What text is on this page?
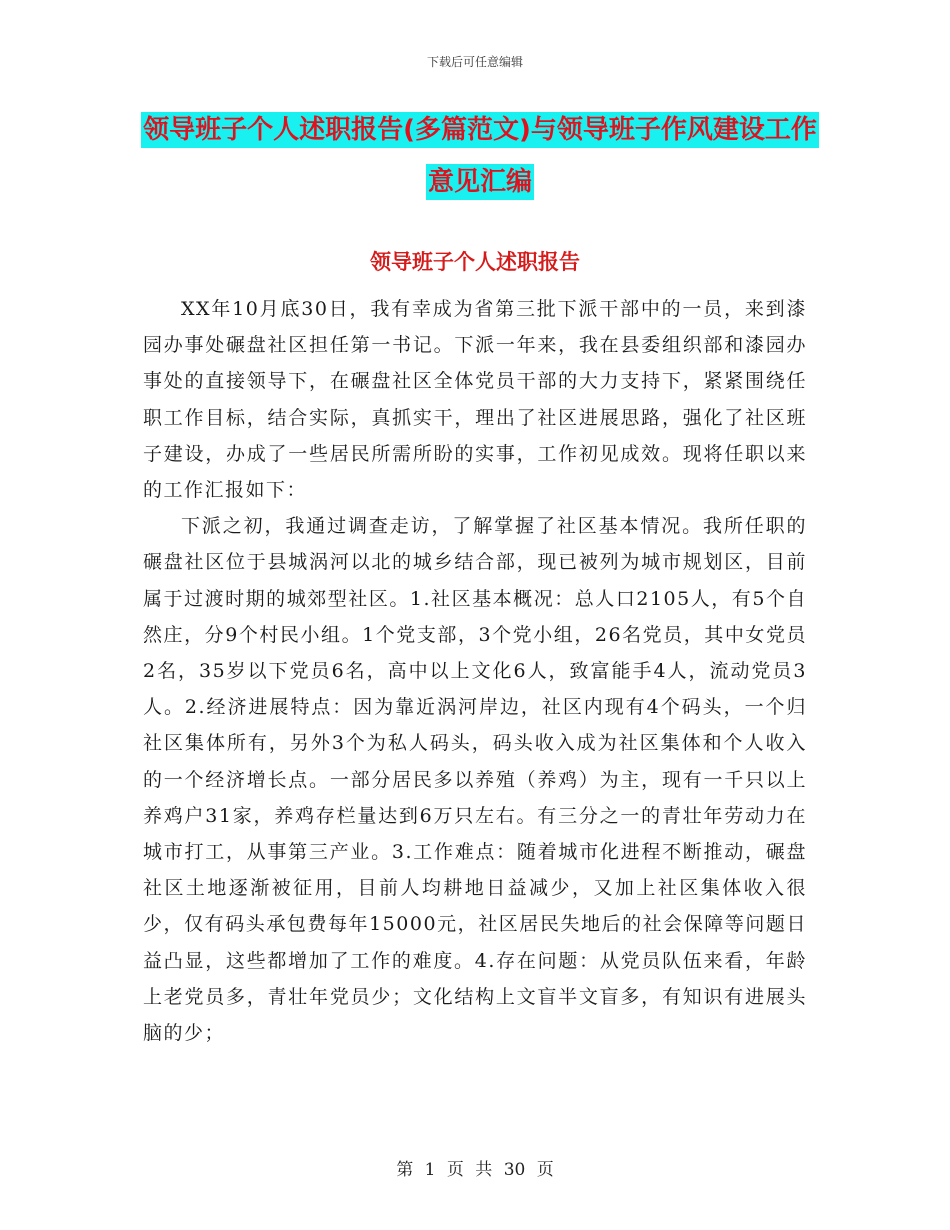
下载后可任意编辑
领导班子个人述职报告(多篇范文)与领导班子作风建设工作意见汇编
领导班子个人述职报告

XX年10月底30日，我有幸成为省第三批下派干部中的一员，来到漆园办事处碾盘社区担任第一书记。下派一年来，我在县委组织部和漆园办事处的直接领导下，在碾盘社区全体党员干部的大力支持下，紧紧围绕任职工作目标，结合实际，真抓实干，理出了社区进展思路，强化了社区班子建设，办成了一些居民所需所盼的实事，工作初见成效。现将任职以来的工作汇报如下：

下派之初，我通过调查走访，了解掌握了社区基本情况。我所任职的碾盘社区位于县城涡河以北的城乡结合部，现已被列为城市规划区，目前属于过渡时期的城郊型社区。1.社区基本概况：总人口2105人，有5个自然庄，分9个村民小组。1个党支部，3个党小组，26名党员，其中女党员2名，35岁以下党员6名，高中以上文化6人，致富能手4人，流动党员3人。2.经济进展特点：因为靠近涡河岸边，社区内现有4个码头，一个归社区集体所有，另外3个为私人码头，码头收入成为社区集体和个人收入的一个经济增长点。一部分居民多以养殖（养鸡）为主，现有一千只以上养鸡户31家，养鸡存栏量达到6万只左右。有三分之一的青壮年劳动力在城市打工，从事第三产业。3.工作难点：随着城市化进程不断推动，碾盘社区土地逐渐被征用，目前人均耕地日益减少，又加上社区集体收入很少，仅有码头承包费每年15000元，社区居民失地后的社会保障等问题日益凸显，这些都增加了工作的难度。4.存在问题：从党员队伍来看，年龄上老党员多，青壮年党员少；文化结构上文盲半文盲多，有知识有进展头脑的少；

第 1 页 共 30 页
